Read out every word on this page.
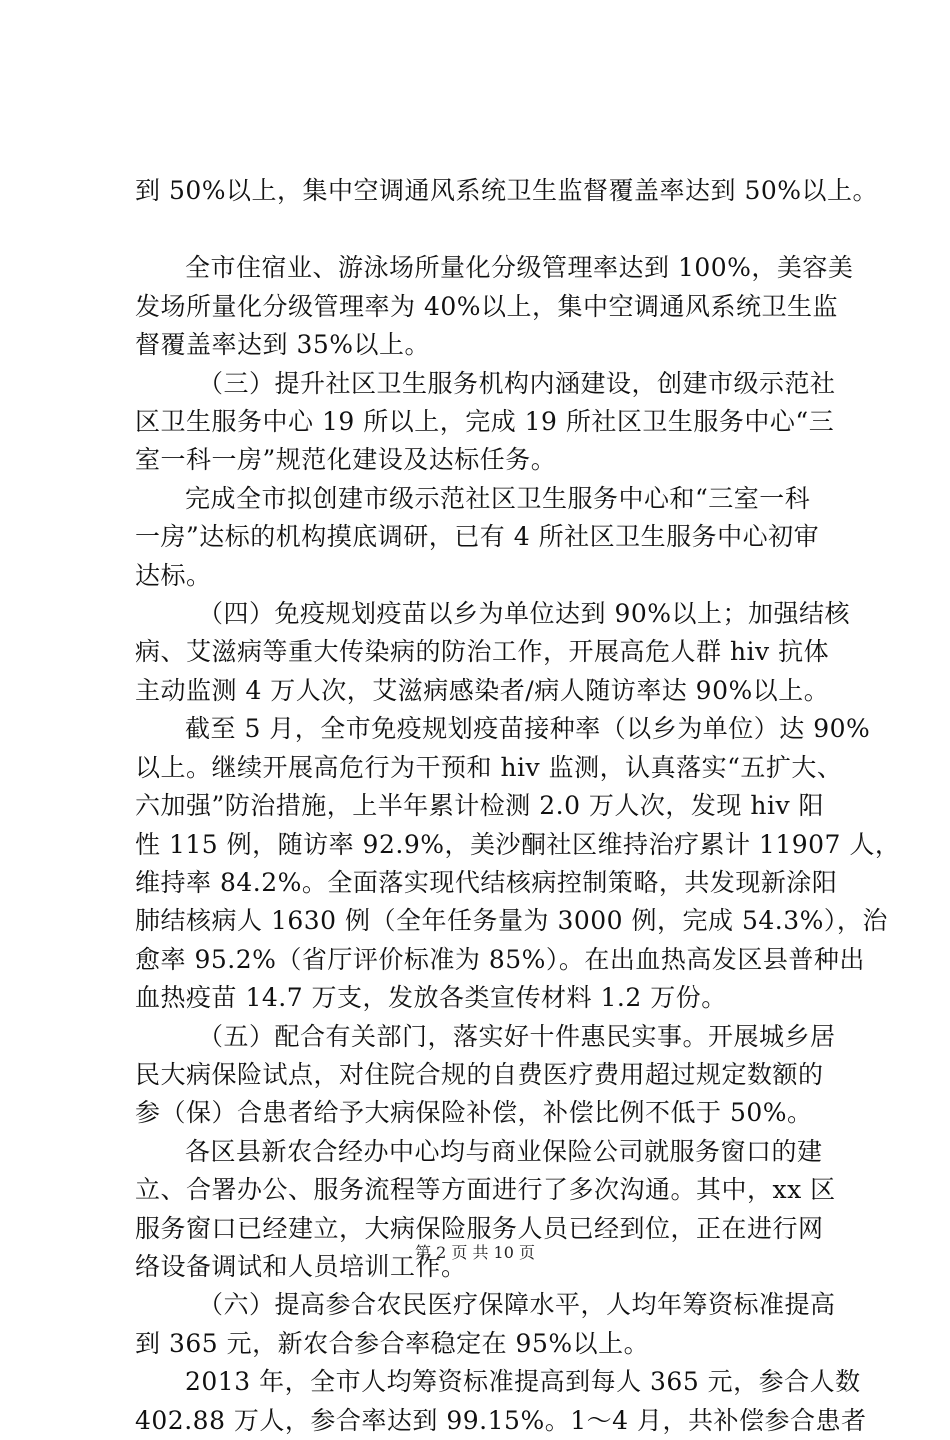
到 50%以上，集中空调通风系统卫生监督覆盖率达到 50%以上。
全市住宿业、游泳场所量化分级管理率达到 100%，美容美
发场所量化分级管理率为 40%以上，集中空调通风系统卫生监
督覆盖率达到 35%以上。
（三）提升社区卫生服务机构内涵建设，创建市级示范社
区卫生服务中心 19 所以上，完成 19 所社区卫生服务中心“三
室一科一房”规范化建设及达标任务。
完成全市拟创建市级示范社区卫生服务中心和“三室一科
一房”达标的机构摸底调研，已有 4 所社区卫生服务中心初审
达标。
（四）免疫规划疫苗以乡为单位达到 90%以上；加强结核
病、艾滋病等重大传染病的防治工作，开展高危人群 hiv 抗体
主动监测 4 万人次，艾滋病感染者/病人随访率达 90%以上。
截至 5 月，全市免疫规划疫苗接种率（以乡为单位）达 90%
以上。继续开展高危行为干预和 hiv 监测，认真落实“五扩大、
六加强”防治措施，上半年累计检测 2.0 万人次，发现 hiv 阳
性 115 例，随访率 92.9%，美沙酮社区维持治疗累计 11907 人，
维持率 84.2%。全面落实现代结核病控制策略，共发现新涂阳
肺结核病人 1630 例（全年任务量为 3000 例，完成 54.3%），治
愈率 95.2%（省厅评价标准为 85%）。在出血热高发区县普种出
血热疫苗 14.7 万支，发放各类宣传材料 1.2 万份。
（五）配合有关部门，落实好十件惠民实事。开展城乡居
民大病保险试点，对住院合规的自费医疗费用超过规定数额的
参（保）合患者给予大病保险补偿，补偿比例不低于 50%。
各区县新农合经办中心均与商业保险公司就服务窗口的建
立、合署办公、服务流程等方面进行了多次沟通。其中，xx 区
服务窗口已经建立，大病保险服务人员已经到位，正在进行网
络设备调试和人员培训工作。
（六）提高参合农民医疗保障水平，人均年筹资标准提高
到 365 元，新农合参合率稳定在 95%以上。
2013 年，全市人均筹资标准提高到每人 365 元，参合人数
402.88 万人，参合率达到 99.15%。1～4 月，共补偿参合患者
第 2 页 共 10 页
